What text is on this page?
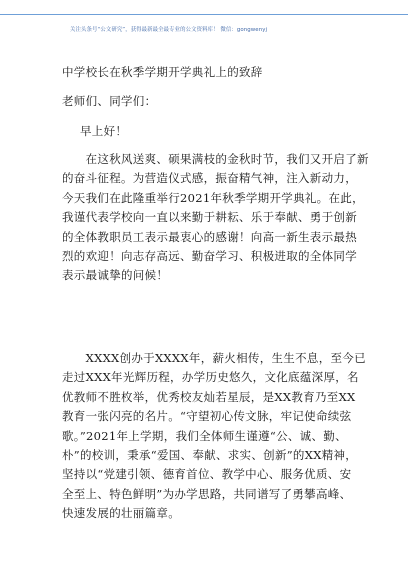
关注头条号“公文研究”，获得最新最全最专业的公文资料库！ 微信：gongwenyj
中学校长在秋季学期开学典礼上的致辞
老师们、同学们：
早上好！
　　在这秋风送爽、硕果满枝的金秋时节，我们又开启了新
的奋斗征程。为营造仪式感，振奋精气神，注入新动力，
今天我们在此隆重举行2021年秋季学期开学典礼。在此，
我谨代表学校向一直以来勤于耕耘、乐于奉献、勇于创新
的全体教职员工表示最衷心的感谢！向高一新生表示最热
烈的欢迎！向志存高远、勤奋学习、积极进取的全体同学
表示最诚挚的问候！
　　XXXX创办于XXXX年，薪火相传，生生不息，至今已
走过XXX年光辉历程，办学历史悠久，文化底蕴深厚，名
优教师不胜枚举，优秀校友灿若星辰，是XX教育乃至XX
教育一张闪亮的名片。“守望初心传文脉，牢记使命续弦
歌。”2021年上学期，我们全体师生谨遵“公、诚、勤、
朴”的校训，秉承“爱国、奉献、求实、创新”的XX精神，
坚持以“党建引领、德育首位、教学中心、服务优质、安
全至上、特色鲜明”为办学思路，共同谱写了勇攀高峰、
快速发展的壮丽篇章。
